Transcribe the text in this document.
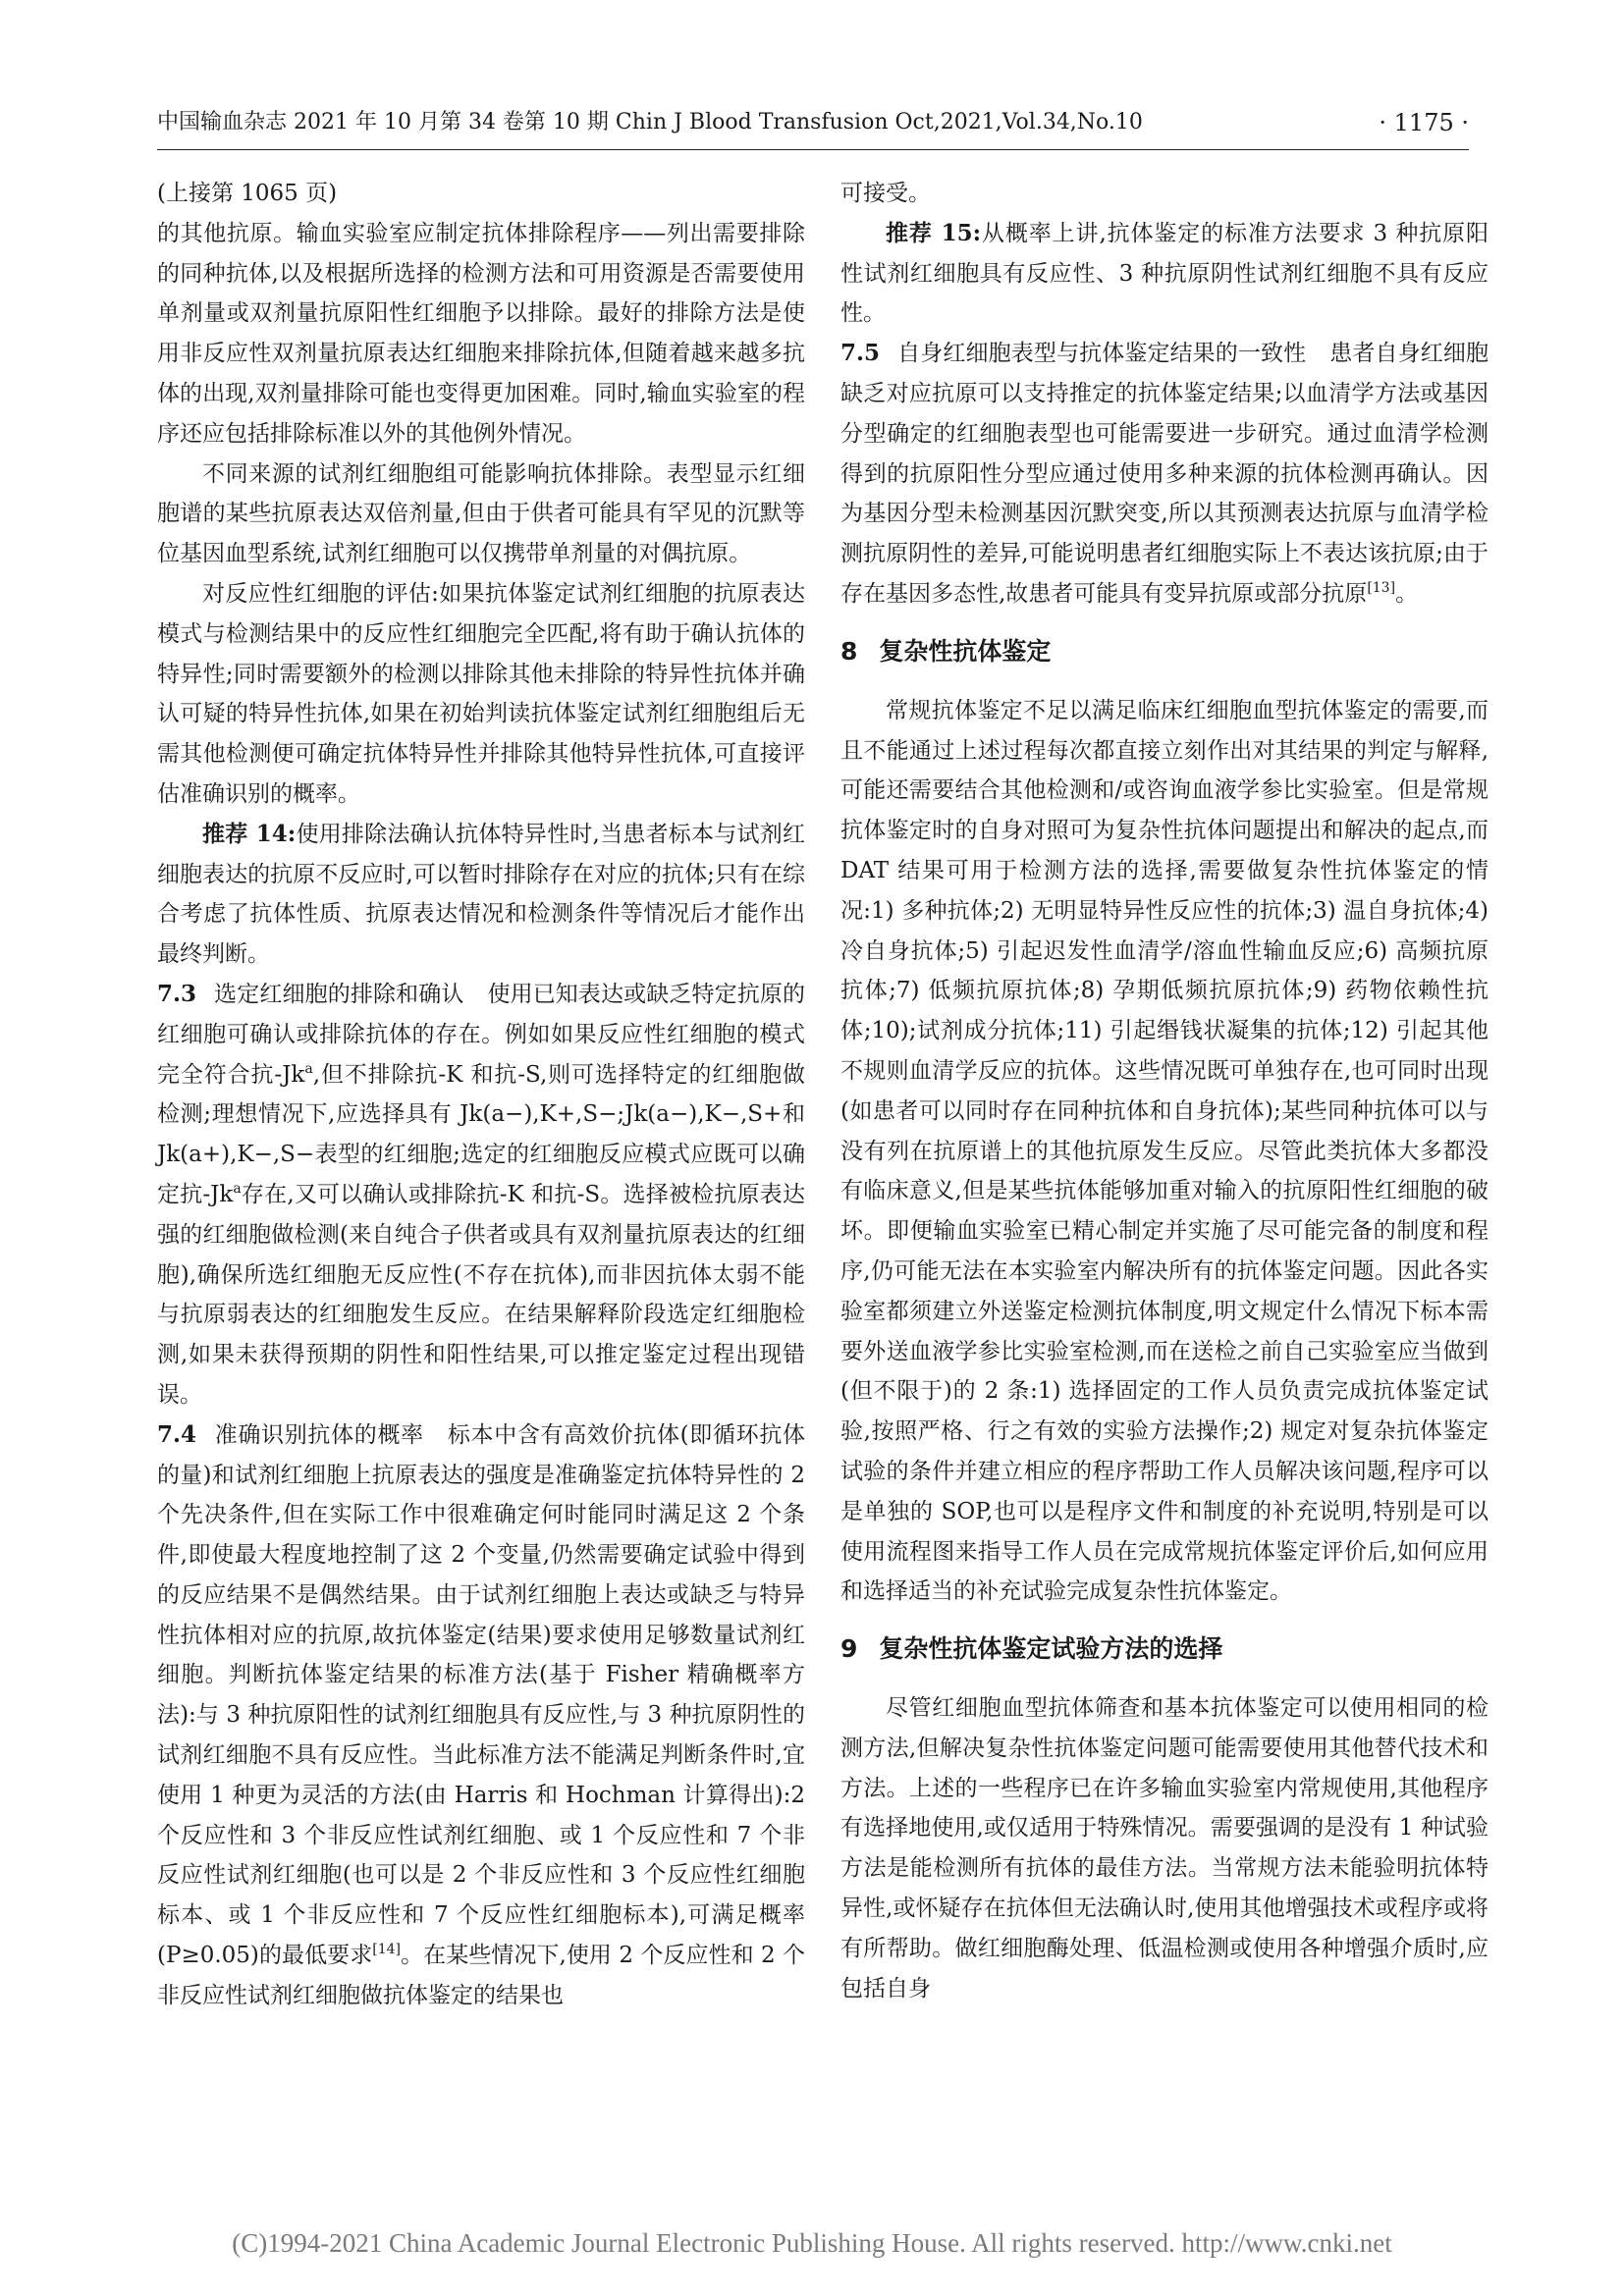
中国输血杂志 2021 年 10 月第 34 卷第 10 期 Chin J Blood Transfusion Oct,2021,Vol.34,No.10	· 1175 ·

(上接第 1065 页)

的其他抗原。输血实验室应制定抗体排除程序——列出需要排除的同种抗体,以及根据所选择的检测方法和可用资源是否需要使用单剂量或双剂量抗原阳性红细胞予以排除。最好的排除方法是使用非反应性双剂量抗原表达红细胞来排除抗体,但随着越来越多抗体的出现,双剂量排除可能也变得更加困难。同时,输血实验室的程序还应包括排除标准以外的其他例外情况。

不同来源的试剂红细胞组可能影响抗体排除。表型显示红细胞谱的某些抗原表达双倍剂量,但由于供者可能具有罕见的沉默等位基因血型系统,试剂红细胞可以仅携带单剂量的对偶抗原。

对反应性红细胞的评估:如果抗体鉴定试剂红细胞的抗原表达模式与检测结果中的反应性红细胞完全匹配,将有助于确认抗体的特异性;同时需要额外的检测以排除其他未排除的特异性抗体并确认可疑的特异性抗体,如果在初始判读抗体鉴定试剂红细胞组后无需其他检测便可确定抗体特异性并排除其他特异性抗体,可直接评估准确识别的概率。

推荐 14:使用排除法确认抗体特异性时,当患者标本与试剂红细胞表达的抗原不反应时,可以暂时排除存在对应的抗体;只有在综合考虑了抗体性质、抗原表达情况和检测条件等情况后才能作出最终判断。

7.3 选定红细胞的排除和确认 使用已知表达或缺乏特定抗原的红细胞可确认或排除抗体的存在。例如如果反应性红细胞的模式完全符合抗-Jk$^a$,但不排除抗-K 和抗-S,则可选择特定的红细胞做检测;理想情况下,应选择具有 Jk(a−),K+,S−;Jk(a−),K−,S+和 Jk(a+),K−,S−表型的红细胞;选定的红细胞反应模式应既可以确定抗-Jk$^a$存在,又可以确认或排除抗-K 和抗-S。选择被检抗原表达强的红细胞做检测(来自纯合子供者或具有双剂量抗原表达的红细胞),确保所选红细胞无反应性(不存在抗体),而非因抗体太弱不能与抗原弱表达的红细胞发生反应。在结果解释阶段选定红细胞检测,如果未获得预期的阴性和阳性结果,可以推定鉴定过程出现错误。

7.4 准确识别抗体的概率 标本中含有高效价抗体(即循环抗体的量)和试剂红细胞上抗原表达的强度是准确鉴定抗体特异性的 2 个先决条件,但在实际工作中很难确定何时能同时满足这 2 个条件,即使最大程度地控制了这 2 个变量,仍然需要确定试验中得到的反应结果不是偶然结果。由于试剂红细胞上表达或缺乏与特异性抗体相对应的抗原,故抗体鉴定(结果)要求使用足够数量试剂红细胞。判断抗体鉴定结果的标准方法(基于 Fisher 精确概率方法):与 3 种抗原阳性的试剂红细胞具有反应性,与 3 种抗原阴性的试剂红细胞不具有反应性。当此标准方法不能满足判断条件时,宜使用 1 种更为灵活的方法(由 Harris 和 Hochman 计算得出):2 个反应性和 3 个非反应性试剂红细胞、或 1 个反应性和 7 个非反应性试剂红细胞(也可以是 2 个非反应性和 3 个反应性红细胞标本、或 1 个非反应性和 7 个反应性红细胞标本),可满足概率(P≥0.05)的最低要求[14]。在某些情况下,使用 2 个反应性和 2 个非反应性试剂红细胞做抗体鉴定的结果也

可接受。

推荐 15:从概率上讲,抗体鉴定的标准方法要求 3 种抗原阳性试剂红细胞具有反应性、3 种抗原阴性试剂红细胞不具有反应性。

7.5 自身红细胞表型与抗体鉴定结果的一致性 患者自身红细胞缺乏对应抗原可以支持推定的抗体鉴定结果;以血清学方法或基因分型确定的红细胞表型也可能需要进一步研究。通过血清学检测得到的抗原阳性分型应通过使用多种来源的抗体检测再确认。因为基因分型未检测基因沉默突变,所以其预测表达抗原与血清学检测抗原阴性的差异,可能说明患者红细胞实际上不表达该抗原;由于存在基因多态性,故患者可能具有变异抗原或部分抗原[13]。

8 复杂性抗体鉴定

常规抗体鉴定不足以满足临床红细胞血型抗体鉴定的需要,而且不能通过上述过程每次都直接立刻作出对其结果的判定与解释,可能还需要结合其他检测和/或咨询血液学参比实验室。但是常规抗体鉴定时的自身对照可为复杂性抗体问题提出和解决的起点,而 DAT 结果可用于检测方法的选择,需要做复杂性抗体鉴定的情况:1) 多种抗体;2) 无明显特异性反应性的抗体;3) 温自身抗体;4) 冷自身抗体;5) 引起迟发性血清学/溶血性输血反应;6) 高频抗原抗体;7) 低频抗原抗体;8) 孕期低频抗原抗体;9) 药物依赖性抗体;10);试剂成分抗体;11) 引起缗钱状凝集的抗体;12) 引起其他不规则血清学反应的抗体。这些情况既可单独存在,也可同时出现(如患者可以同时存在同种抗体和自身抗体);某些同种抗体可以与没有列在抗原谱上的其他抗原发生反应。尽管此类抗体大多都没有临床意义,但是某些抗体能够加重对输入的抗原阳性红细胞的破坏。即便输血实验室已精心制定并实施了尽可能完备的制度和程序,仍可能无法在本实验室内解决所有的抗体鉴定问题。因此各实验室都须建立外送鉴定检测抗体制度,明文规定什么情况下标本需要外送血液学参比实验室检测,而在送检之前自己实验室应当做到(但不限于)的 2 条:1) 选择固定的工作人员负责完成抗体鉴定试验,按照严格、行之有效的实验方法操作;2) 规定对复杂抗体鉴定试验的条件并建立相应的程序帮助工作人员解决该问题,程序可以是单独的 SOP,也可以是程序文件和制度的补充说明,特别是可以使用流程图来指导工作人员在完成常规抗体鉴定评价后,如何应用和选择适当的补充试验完成复杂性抗体鉴定。

9 复杂性抗体鉴定试验方法的选择

尽管红细胞血型抗体筛查和基本抗体鉴定可以使用相同的检测方法,但解决复杂性抗体鉴定问题可能需要使用其他替代技术和方法。上述的一些程序已在许多输血实验室内常规使用,其他程序有选择地使用,或仅适用于特殊情况。需要强调的是没有 1 种试验方法是能检测所有抗体的最佳方法。当常规方法未能验明抗体特异性,或怀疑存在抗体但无法确认时,使用其他增强技术或程序或将有所帮助。做红细胞酶处理、低温检测或使用各种增强介质时,应包括自身

(C)1994-2021 China Academic Journal Electronic Publishing House. All rights reserved. http://www.cnki.net
